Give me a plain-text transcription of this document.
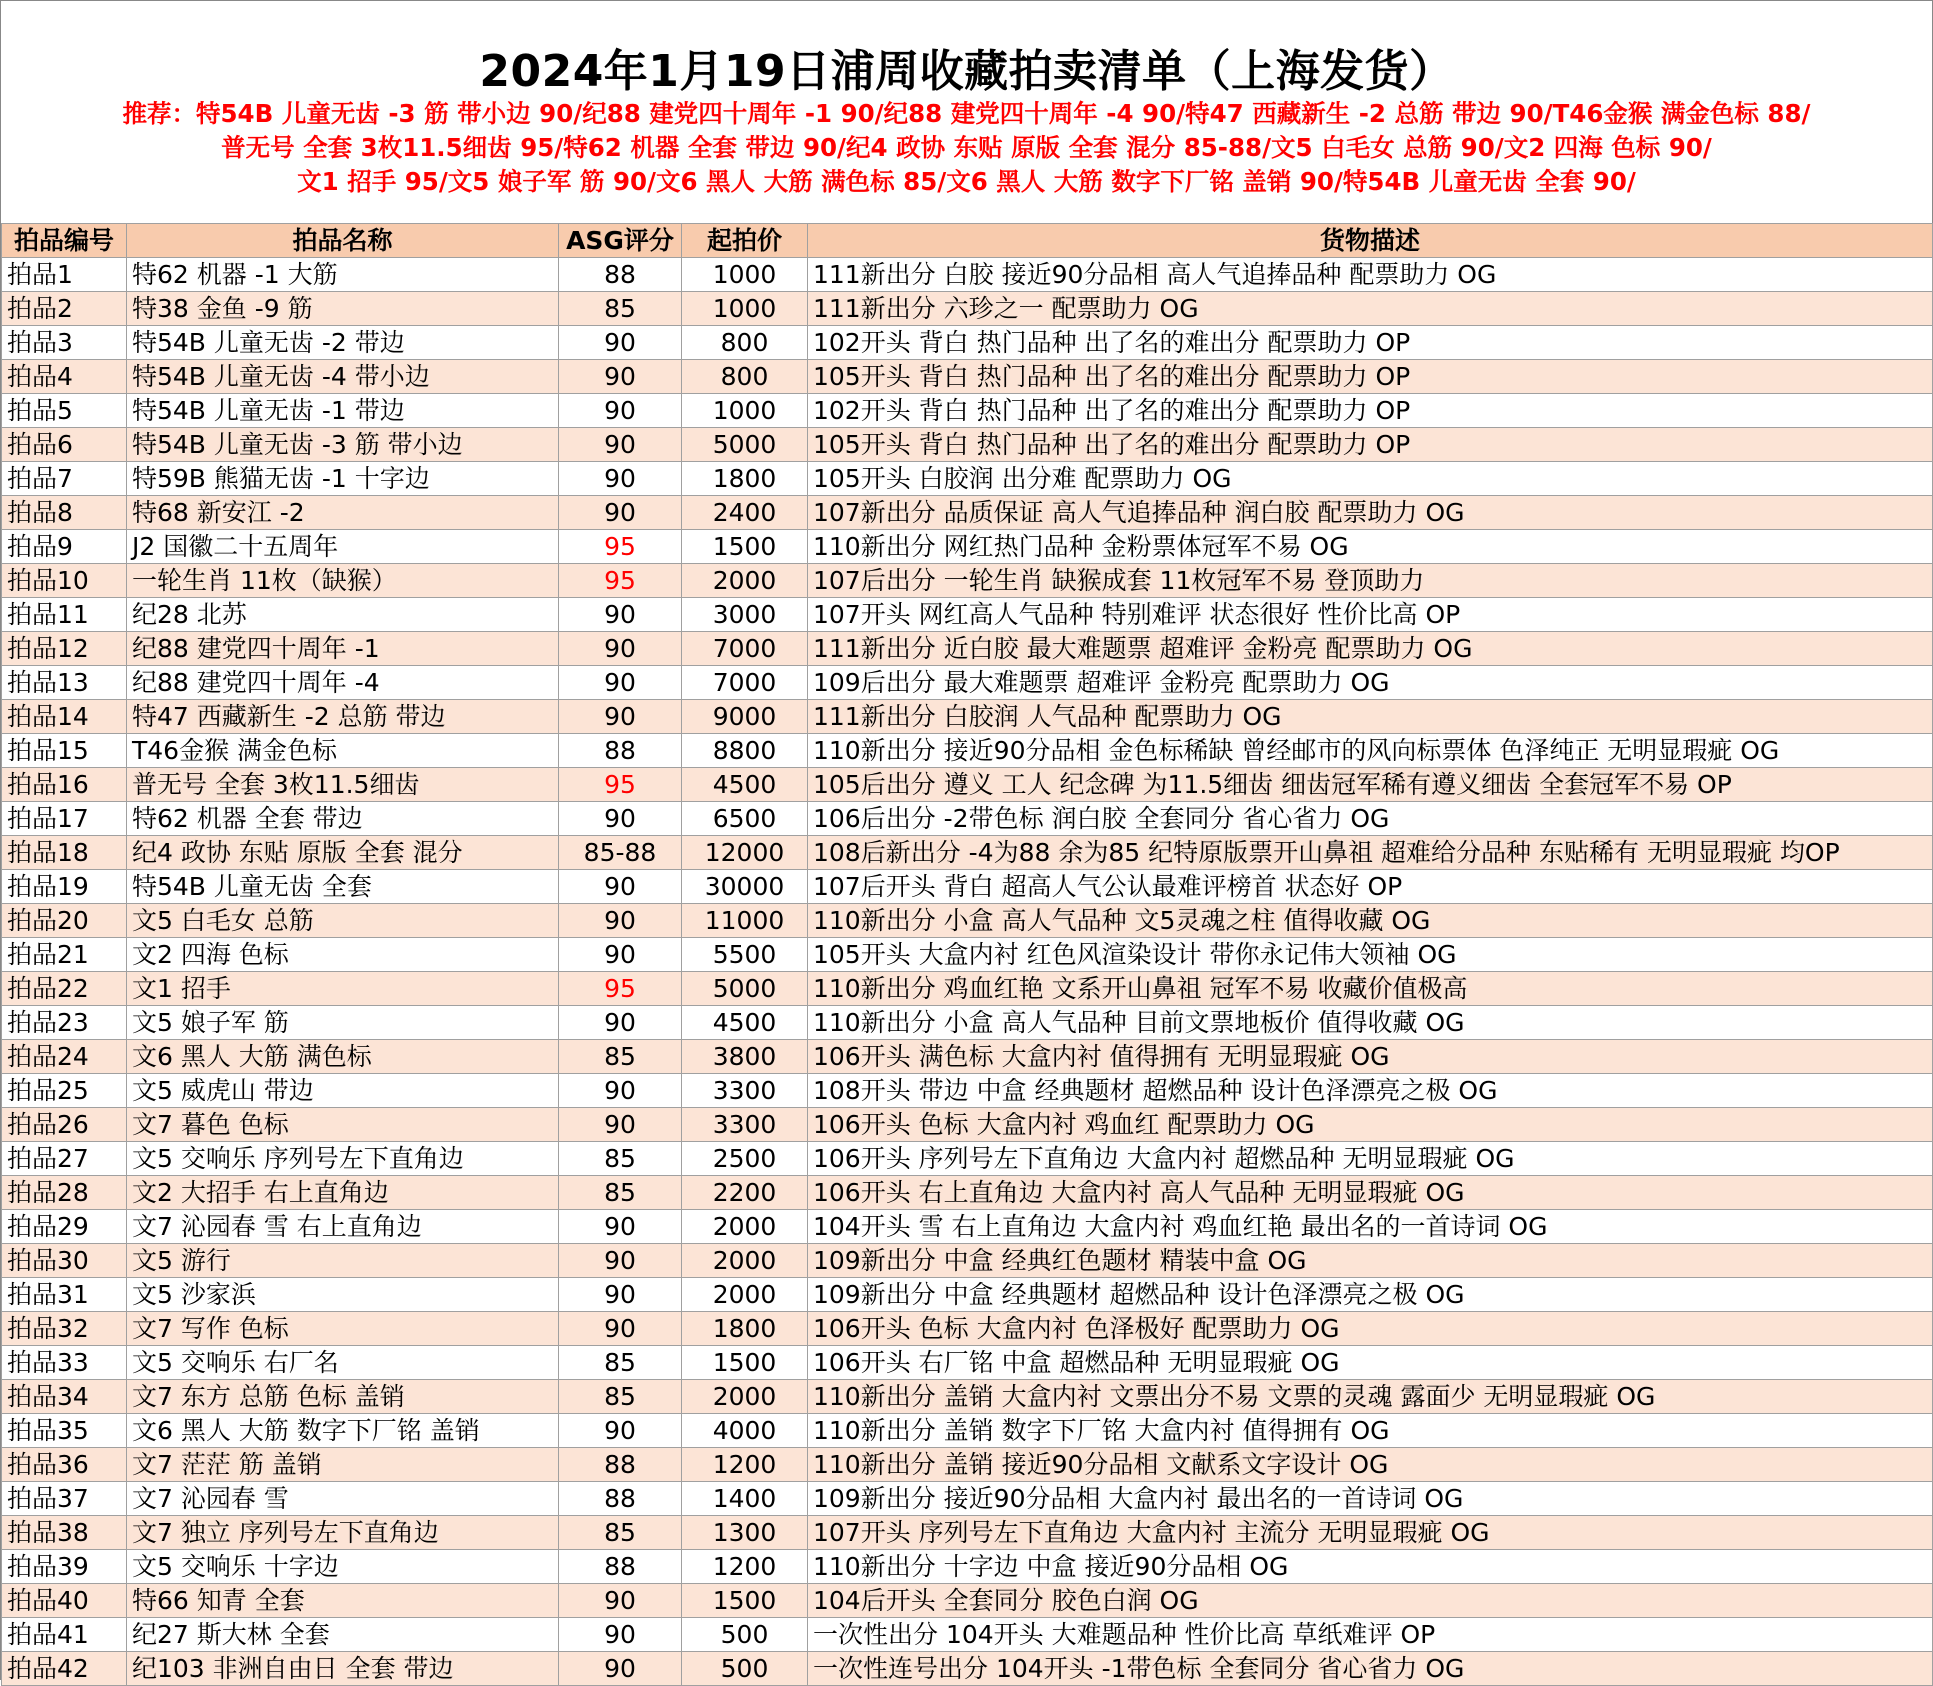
2024年1月19日浦周收藏拍卖清单（上海发货）
推荐：特54B 儿童无齿 -3 筋 带小边 90/纪88 建党四十周年 -1 90/纪88 建党四十周年 -4 90/特47 西藏新生 -2 总筋 带边 90/T46金猴 满金色标 88/
普无号 全套 3枚11.5细齿 95/特62 机器 全套 带边 90/纪4 政协 东贴 原版 全套 混分 85-88/文5 白毛女 总筋 90/文2 四海 色标 90/
文1 招手 95/文5 娘子军 筋 90/文6 黑人 大筋 满色标 85/文6 黑人 大筋 数字下厂铭 盖销 90/特54B 儿童无齿 全套 90/
拍品编号	拍品名称	ASG评分	起拍价	货物描述
拍品1	特62 机器 -1 大筋	88	1000	111新出分 白胶 接近90分品相 高人气追捧品种 配票助力 OG
拍品2	特38 金鱼 -9 筋	85	1000	111新出分 六珍之一 配票助力 OG
拍品3	特54B 儿童无齿 -2 带边	90	800	102开头 背白 热门品种 出了名的难出分 配票助力 OP
拍品4	特54B 儿童无齿 -4 带小边	90	800	105开头 背白 热门品种 出了名的难出分 配票助力 OP
拍品5	特54B 儿童无齿 -1 带边	90	1000	102开头 背白 热门品种 出了名的难出分 配票助力 OP
拍品6	特54B 儿童无齿 -3 筋 带小边	90	5000	105开头 背白 热门品种 出了名的难出分 配票助力 OP
拍品7	特59B 熊猫无齿 -1 十字边	90	1800	105开头 白胶润 出分难 配票助力 OG
拍品8	特68 新安江 -2	90	2400	107新出分 品质保证 高人气追捧品种 润白胶 配票助力 OG
拍品9	J2 国徽二十五周年	95	1500	110新出分 网红热门品种 金粉票体冠军不易 OG
拍品10	一轮生肖 11枚（缺猴）	95	2000	107后出分 一轮生肖 缺猴成套 11枚冠军不易 登顶助力
拍品11	纪28 北苏	90	3000	107开头 网红高人气品种 特别难评 状态很好 性价比高 OP
拍品12	纪88 建党四十周年 -1	90	7000	111新出分 近白胶 最大难题票 超难评 金粉亮 配票助力 OG
拍品13	纪88 建党四十周年 -4	90	7000	109后出分 最大难题票 超难评 金粉亮 配票助力 OG
拍品14	特47 西藏新生 -2 总筋 带边	90	9000	111新出分 白胶润 人气品种 配票助力 OG
拍品15	T46金猴 满金色标	88	8800	110新出分 接近90分品相 金色标稀缺 曾经邮市的风向标票体 色泽纯正 无明显瑕疵 OG
拍品16	普无号 全套 3枚11.5细齿	95	4500	105后出分 遵义 工人 纪念碑 为11.5细齿 细齿冠军稀有遵义细齿 全套冠军不易 OP
拍品17	特62 机器 全套 带边	90	6500	106后出分 -2带色标 润白胶 全套同分 省心省力 OG
拍品18	纪4 政协 东贴 原版 全套 混分	85-88	12000	108后新出分 -4为88 余为85 纪特原版票开山鼻祖 超难给分品种 东贴稀有 无明显瑕疵 均OP
拍品19	特54B 儿童无齿 全套	90	30000	107后开头 背白 超高人气公认最难评榜首 状态好 OP
拍品20	文5 白毛女 总筋	90	11000	110新出分 小盒 高人气品种 文5灵魂之柱 值得收藏 OG
拍品21	文2 四海 色标	90	5500	105开头 大盒内衬 红色风渲染设计 带你永记伟大领袖 OG
拍品22	文1 招手	95	5000	110新出分 鸡血红艳 文系开山鼻祖 冠军不易 收藏价值极高
拍品23	文5 娘子军 筋	90	4500	110新出分 小盒 高人气品种 目前文票地板价 值得收藏 OG
拍品24	文6 黑人 大筋 满色标	85	3800	106开头 满色标 大盒内衬 值得拥有 无明显瑕疵 OG
拍品25	文5 威虎山 带边	90	3300	108开头 带边 中盒 经典题材 超燃品种 设计色泽漂亮之极 OG
拍品26	文7 暮色 色标	90	3300	106开头 色标 大盒内衬 鸡血红 配票助力 OG
拍品27	文5 交响乐 序列号左下直角边	85	2500	106开头 序列号左下直角边 大盒内衬 超燃品种 无明显瑕疵 OG
拍品28	文2 大招手 右上直角边	85	2200	106开头 右上直角边 大盒内衬 高人气品种 无明显瑕疵 OG
拍品29	文7 沁园春 雪 右上直角边	90	2000	104开头 雪 右上直角边 大盒内衬 鸡血红艳 最出名的一首诗词 OG
拍品30	文5 游行	90	2000	109新出分 中盒 经典红色题材 精装中盒 OG
拍品31	文5 沙家浜	90	2000	109新出分 中盒 经典题材 超燃品种 设计色泽漂亮之极 OG
拍品32	文7 写作 色标	90	1800	106开头 色标 大盒内衬 色泽极好 配票助力 OG
拍品33	文5 交响乐 右厂名	85	1500	106开头 右厂铭 中盒 超燃品种 无明显瑕疵 OG
拍品34	文7 东方 总筋 色标 盖销	85	2000	110新出分 盖销 大盒内衬 文票出分不易 文票的灵魂 露面少 无明显瑕疵 OG
拍品35	文6 黑人 大筋 数字下厂铭 盖销	90	4000	110新出分 盖销 数字下厂铭 大盒内衬 值得拥有 OG
拍品36	文7 茫茫 筋 盖销	88	1200	110新出分 盖销 接近90分品相 文献系文字设计 OG
拍品37	文7 沁园春 雪	88	1400	109新出分 接近90分品相 大盒内衬 最出名的一首诗词 OG
拍品38	文7 独立 序列号左下直角边	85	1300	107开头 序列号左下直角边 大盒内衬 主流分 无明显瑕疵 OG
拍品39	文5 交响乐 十字边	88	1200	110新出分 十字边 中盒 接近90分品相 OG
拍品40	特66 知青 全套	90	1500	104后开头 全套同分 胶色白润 OG
拍品41	纪27 斯大林 全套	90	500	一次性出分 104开头 大难题品种 性价比高 草纸难评 OP
拍品42	纪103 非洲自由日 全套 带边	90	500	一次性连号出分 104开头 -1带色标 全套同分 省心省力 OG
